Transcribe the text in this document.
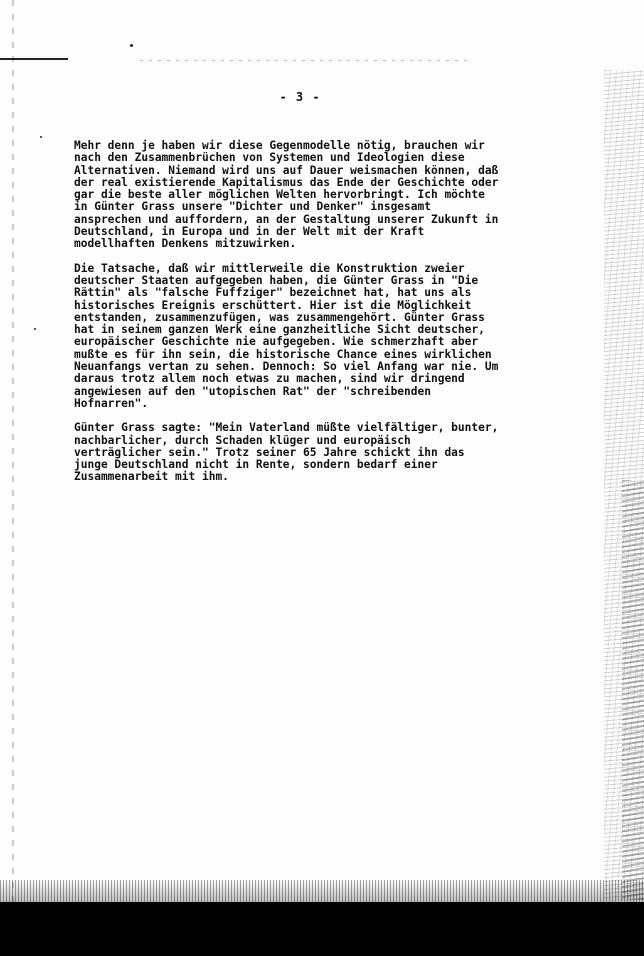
- 3 -

Mehr denn je haben wir diese Gegenmodelle nötig, brauchen wir
nach den Zusammenbrüchen von Systemen und Ideologien diese
Alternativen. Niemand wird uns auf Dauer weismachen können, daß
der real existierende Kapitalismus das Ende der Geschichte oder
gar die beste aller möglichen Welten hervorbringt. Ich möchte
in Günter Grass unsere "Dichter und Denker" insgesamt
ansprechen und auffordern, an der Gestaltung unserer Zukunft in
Deutschland, in Europa und in der Welt mit der Kraft
modellhaften Denkens mitzuwirken.

Die Tatsache, daß wir mittlerweile die Konstruktion zweier
deutscher Staaten aufgegeben haben, die Günter Grass in "Die
Rättin" als "falsche Fuffziger" bezeichnet hat, hat uns als
historisches Ereignis erschüttert. Hier ist die Möglichkeit
entstanden, zusammenzufügen, was zusammengehört. Günter Grass
hat in seinem ganzen Werk eine ganzheitliche Sicht deutscher,
europäischer Geschichte nie aufgegeben. Wie schmerzhaft aber
mußte es für ihn sein, die historische Chance eines wirklichen
Neuanfangs vertan zu sehen. Dennoch: So viel Anfang war nie. Um
daraus trotz allem noch etwas zu machen, sind wir dringend
angewiesen auf den "utopischen Rat" der "schreibenden
Hofnarren".

Günter Grass sagte: "Mein Vaterland müßte vielfältiger, bunter,
nachbarlicher, durch Schaden klüger und europäisch
verträglicher sein." Trotz seiner 65 Jahre schickt ihn das
junge Deutschland nicht in Rente, sondern bedarf einer
Zusammenarbeit mit ihm.
